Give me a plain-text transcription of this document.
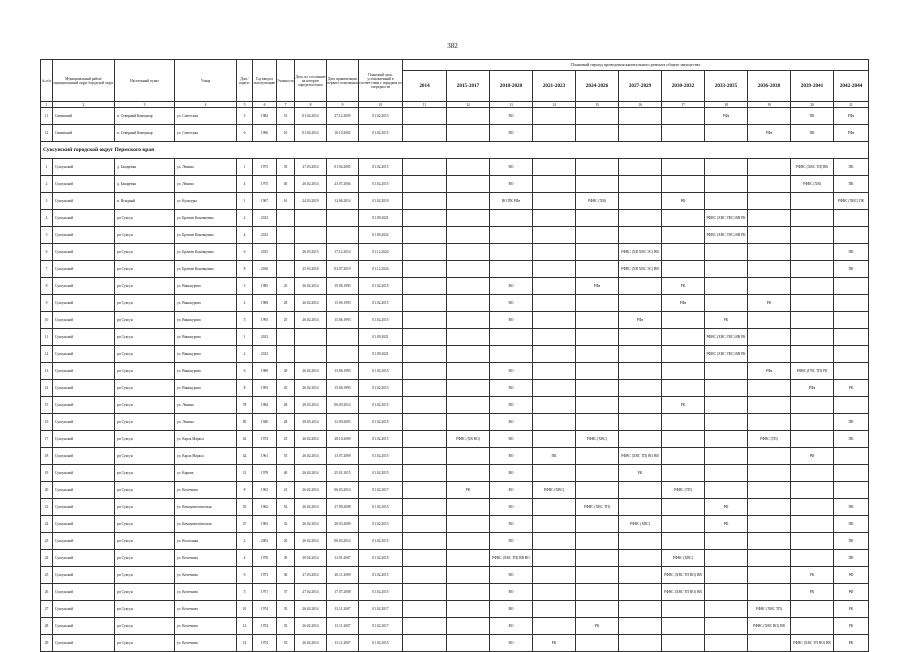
382
№ п/п	Муниципальный район/муниципальный округ/городской округ	Населенный пункт	Улица	Дом / корпус	Год ввода в эксплуатацию	Этажность	Дата, по состоянию на которую определен износ	Дата приватизации первого помещения	Плановый срок, установленный в соответствии с порядком по очередности	Плановый период проведения капитального ремонта общего имущества										
										2014	2015-2017	2018-2020	2021-2023	2024-2026	2027-2029	2030-2032	2033-2035	2036-2038	2039-2041	2042-2044
1	2	3	4	5	6	7	8	9	10	11	12	13	14	15	16	17	18	19	20	21
11	Сивинский	п. Северный Коммунар	ул. Советская	5	1982	31	01.04.2014	27.12.2005	01.02.2015			ВО					РФа		ПК	РФа
12	Сивинский	п. Северный Коммунар	ул. Советская	6	1996	10	01.04.2014	16.10.2002	01.02.2015			ВО						РФа	ПК	РФа
Суксунский городской округ Пермского края																				
1	Суксунский	д. Бахаревка	ул. Ленина	1	1975	35	27.03.2014	01.04.2005	01.02.2015			ВО							РФВС (ХВС ТП) ВВ	ПК
2	Суксунский	д. Бахаревка	ул. Ленина	4	1975	40	20.02.2014	23.07.2004	01.02.2015			ВО							РФВС (ХВ)	ПК
3	Суксунский	п. Ясыдный	ул. Культуры	1	1967	61	24.03.2019	12.06.2014	01.02.2019			ВО ПК РФа		РФВС (ХВ)		РФ				РФВС (ХВС) ПК
4	Суксунский	рп Суксун	ул. Братьев Коновцевых	2	2012				01.09.2021								РФВС (ХВС ГВС) ВВ РК			
5	Суксунский	рп Суксун	ул. Братьев Коновцевых	4	2012				01.09.2022								РФВС (ХВС ГВС) ВВ РК			
6	Суксунский	рп Суксун	ул. Братьев Коновцевых	6	2015		26.03.2015	17.12.2014	01.12.2024						РФВС (ХВ ХВС ЭС) ВВ					ПК
7	Суксунский	рп Суксун	ул. Братьев Коновцевых	8	2016		25.03.2016	03.07.2019	01.12.2024						РФВС (ХВ ХВС ЭС) ВВ					ПК
8	Суксунский	рп Суксун	ул. Винокурова	3	1985	25	26.02.2014	19.06.1993	01.02.2015			ВО		РФа		РК				
9	Суксунский	рп Суксун	ул. Винокурова	4	1989	28	26.02.2014	15.06.1993	01.02.2015			ВО				РФа		РК		
10	Суксунский	рп Суксун	ул. Винокурова	5	1993	25	26.02.2014	15.06.1993	01.02.2015			ВО			РФа		РК			
11	Суксунский	рп Суксун	ул. Винокурова	1	2012				01.09.2021								РФВС (ХВС ГВС) ВВ РК			
12	Суксунский	рп Суксун	ул. Винокурова	2	2012				01.09.2021								РФВС (ХВС ГВС) ВВ РК			
13	Суксунский	рп Суксун	ул. Винокурова	6	1989	28	26.02.2014	15.06.1993	01.02.2015			ВО						РФа	РФВС (ГВС ТП) РК	
14	Суксунский	рп Суксун	ул. Винокурова	8	1993	45	26.02.2014	15.06.1993	01.02.2015			ВО							РФа	РК
15	Суксунский	рп Суксун	ул. Ленина	78	1984	28	28.03.2014	06.09.2014	01.02.2015			ВО				РК				
16	Суксунский	рп Суксун	ул. Ленина	85	1940	28	28.03.2014	12.09.2003	01.02.2015			ВО								ПК
17	Суксунский	рп Суксун	ул. Карла Маркса	42	1974	25	26.02.2014	28.10.2009	01.02.2015		РФВС (ХВ ВО)	ВО		РФВС (ХВС)				РФВС (ТП)		ПК
18	Суксунский	рп Суксун	ул. Карла Маркса	42	1961	55	26.02.2014	13.07.2009	01.02.2015			ВО	ПК		РФВС (ХВС ТП) ВО ВВ				РФ	
19	Суксунский	рп Суксун	ул. Кирова	31	1978	40	26.02.2014	25.01.2015	01.02.2015			ВО			РК					
20	Суксунский	рп Суксун	ул. Кочеткова	8	1963	41	26.02.2014	06.03.2014	01.02.2017		РК	ВО	РФВС (ХВС)			РФВС (ТП)				
21	Суксунский	рп Суксун	ул. Коммунистическая	35	1962	52	26.02.2014	27.09.2008	01.02.2015			ВО		РФВС (ХВС ТП)			РФ			ПК
22	Суксунский	рп Суксун	ул. Коммунистическая	47	1963	32	26.02.2014	28.03.2009	01.02.2015			ВО			РФВС (ХВС)		РФ			ПК
23	Суксунский	рп Суксун	ул. Колхозная	2	2003	20	26.02.2014	06.03.2014	01.02.2015			ВО								ПК
24	Суксунский	рп Суксун	ул. Кочеткова	4	1970	39	20.02.2014	12.01.2007	01.02.2015			РФВС (ХВС ТП) ВВ ВО				РФВС (ХВС)				ПК
25	Суксунский	рп Суксун	ул. Кочеткова	9	1973	38	27.03.2014	20.11.2009	01.02.2015			ВО				РФВС (ХВС ТП ВО) ВВ			РК	РФ
26	Суксунский	рп Суксун	ул. Кочеткова	5	1971	37	27.02.2014	17.07.2008	01.02.2015			ВО				РФВС (ХВС ТП ВО) ВВ			РК	РФ
27	Суксунский	рп Суксун	ул. Кочеткова	10	1974	35	26.02.2014	13.11.2007	01.02.2017			ВО						РФВС (ХВС ТП)		РК
28	Суксунский	рп Суксун	ул. Кочеткова	12	1974	35	26.02.2014	13.11.2007	01.02.2017			ВО		РК				РФВС (ХВС ВО) ВВ		РК
29	Суксунский	рп Суксун	ул. Кочеткова	14	1974	35	26.02.2014	13.11.2007	01.02.2015			ВО	РК						РФВС (ХВС ТП ВО) ВВ	РК
